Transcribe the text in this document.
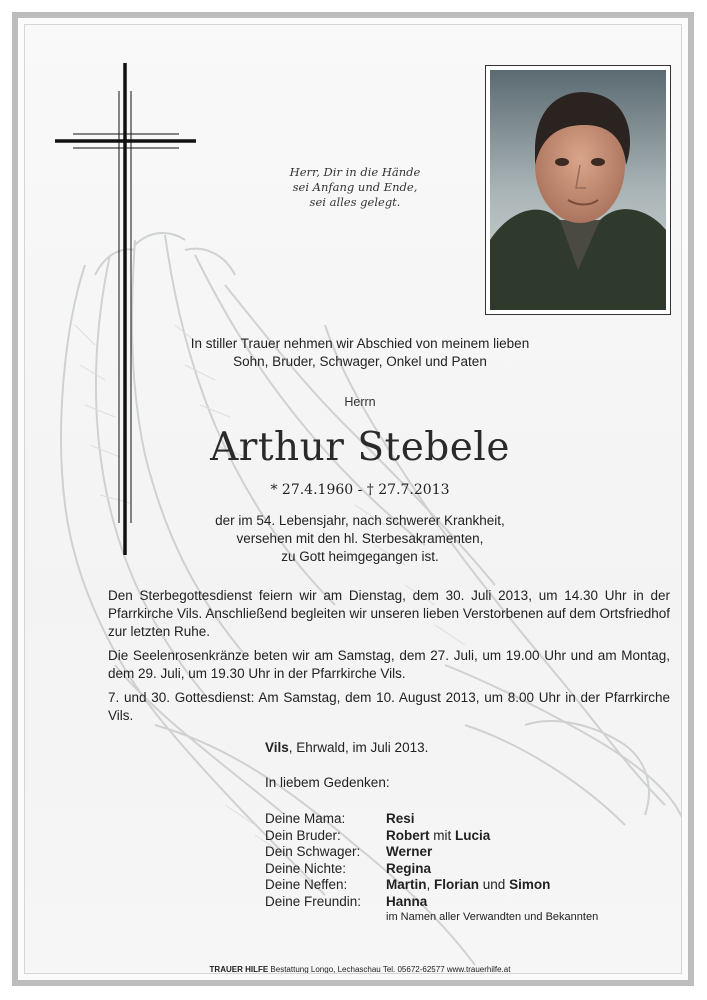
Herr, Dir in die Hände
sei Anfang und Ende,
sei alles gelegt.
In stiller Trauer nehmen wir Abschied von meinem lieben
Sohn, Bruder, Schwager, Onkel und Paten
Herrn
Arthur Stebele
* 27.4.1960 - † 27.7.2013
der im 54. Lebensjahr, nach schwerer Krankheit,
versehen mit den hl. Sterbesakramenten,
zu Gott heimgegangen ist.
Den Sterbegottesdienst feiern wir am Dienstag, dem 30. Juli 2013, um 14.30 Uhr in der Pfarrkirche Vils. Anschließend begleiten wir unseren lieben Verstorbenen auf dem Ortsfriedhof zur letzten Ruhe.
Die Seelenrosenkränze beten wir am Samstag, dem 27. Juli, um 19.00 Uhr und am Montag, dem 29. Juli, um 19.30 Uhr in der Pfarrkirche Vils.
7. und 30. Gottesdienst: Am Samstag, dem 10. August 2013, um 8.00 Uhr in der Pfarrkirche Vils.
Vils, Ehrwald, im Juli 2013.
In liebem Gedenken:
Deine Mama:	Resi
Dein Bruder:	Robert mit Lucia
Dein Schwager:	Werner
Deine Nichte:	Regina
Deine Neffen:	Martin, Florian und Simon
Deine Freundin:	Hanna
im Namen aller Verwandten und Bekannten
TRAUER HILFE Bestattung Longo, Lechaschau Tel. 05672-62577 www.trauerhilfe.at
